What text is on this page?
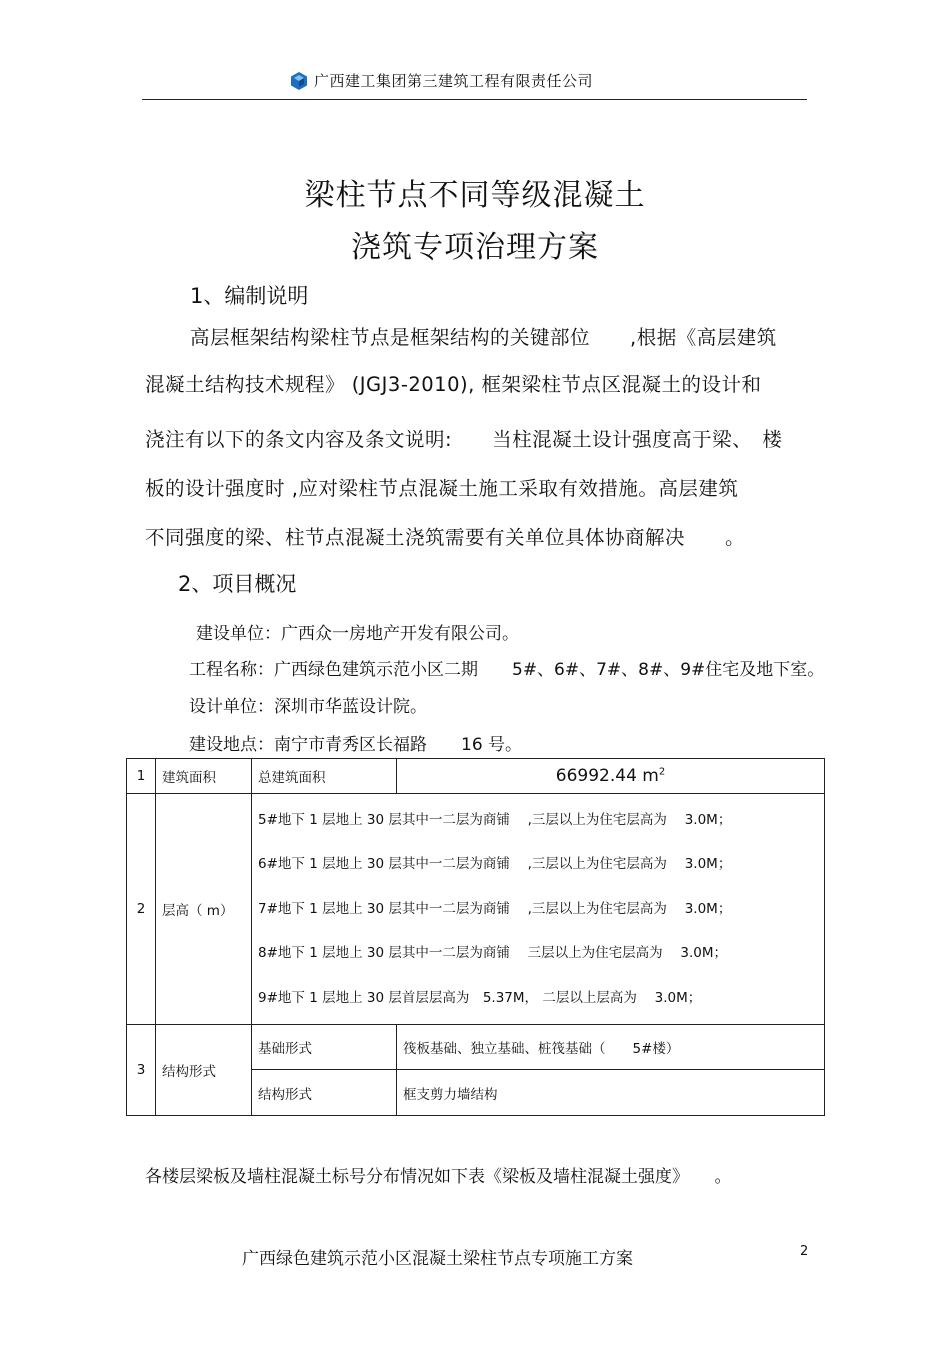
广西建工集团第三建筑工程有限责任公司
梁柱节点不同等级混凝土
浇筑专项治理方案
1、编制说明
高层框架结构梁柱节点是框架结构的关键部位　　,根据《高层建筑
混凝土结构技术规程》 (JGJ3-2010), 框架梁柱节点区混凝土的设计和
浇注有以下的条文内容及条文说明:　　当柱混凝土设计强度高于梁、　楼
板的设计强度时 ,应对梁柱节点混凝土施工采取有效措施。高层建筑
不同强度的梁、柱节点混凝土浇筑需要有关单位具体协商解决　　。
2、项目概况
建设单位：广西众一房地产开发有限公司。
工程名称：广西绿色建筑示范小区二期　　5#、6#、7#、8#、9#住宅及地下室。
设计单位：深圳市华蓝设计院。
建设地点：南宁市青秀区长福路　　16 号。
1	建筑面积	总建筑面积	66992.44 $m^2$
2	层高（ m）	5#地下 1 层地上 30 层其中一二层为商铺　 ,三层以上为住宅层高为　 3.0M；
6#地下 1 层地上 30 层其中一二层为商铺　 ,三层以上为住宅层高为　 3.0M；
7#地下 1 层地上 30 层其中一二层为商铺　 ,三层以上为住宅层高为　 3.0M；
8#地下 1 层地上 30 层其中一二层为商铺　 三层以上为住宅层高为　 3.0M；
9#地下 1 层地上 30 层首层层高为　5.37M， 二层以上层高为　 3.0M；	

3	结构形式	基础形式	筏板基础、独立基础、桩筏基础（　　5#楼）
		结构形式	框支剪力墙结构
各楼层梁板及墙柱混凝土标号分布情况如下表《梁板及墙柱混凝土强度》　　。
广西绿色建筑示范小区混凝土梁柱节点专项施工方案	2
